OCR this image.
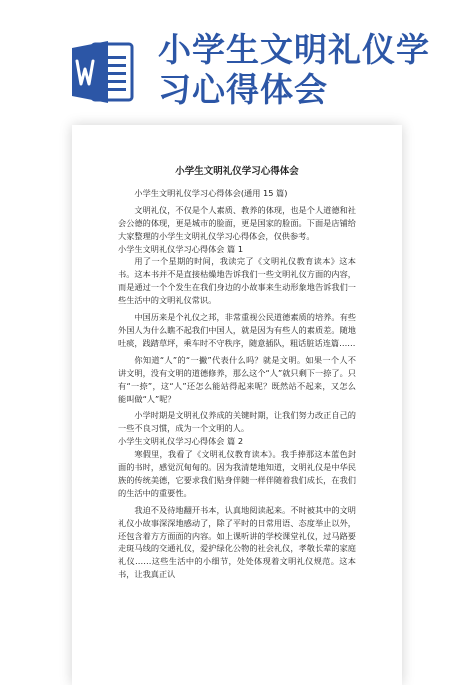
小学生文明礼仪学习心得体会
小学生文明礼仪学习心得体会

小学生文明礼仪学习心得体会(通用 15 篇)

文明礼仪，不仅是个人素质、教养的体现，也是个人道德和社会公德的体现，更是城市的脸面，更是国家的脸面。下面是店铺给大家整理的小学生文明礼仪学习心得体会，仅供参考。

小学生文明礼仪学习心得体会 篇 1

用了一个星期的时间，我读完了《文明礼仪教育读本》这本书。这本书并不是直接枯燥地告诉我们一些文明礼仪方面的内容，而是通过一个个发生在我们身边的小故事来生动形象地告诉我们一些生活中的文明礼仪常识。

中国历来是个礼仪之邦，非常重视公民道德素质的培养。有些外国人为什么瞧不起我们中国人，就是因为有些人的素质差。随地吐痰，践踏草坪，乘车时不守秩序，随意插队，粗话脏话连篇……

你知道“人”的“一撇”代表什么吗？就是文明。如果一个人不讲文明，没有文明的道德修养，那么这个“人”就只剩下一捺了。只有“一捺”，这“人”还怎么能站得起来呢？既然站不起来，又怎么能叫做“人”呢？

小学时期是文明礼仪养成的关键时期，让我们努力改正自己的一些不良习惯，成为一个文明的人。

小学生文明礼仪学习心得体会 篇 2

寒假里，我看了《文明礼仪教育读本》。我手捧那这本蓝色封面的书时，感觉沉甸甸的。因为我清楚地知道，文明礼仪是中华民族的传统美德，它要求我们贴身伴随一样伴随着我们成长，在我们的生活中的重要性。

我迫不及待地翻开书本，认真地阅读起来。不时被其中的文明礼仪小故事深深地感动了，除了平时的日常用语、态度举止以外，还包含着方方面面的内容。如上课听讲的学校课堂礼仪，过马路要走斑马线的交通礼仪，爱护绿化公物的社会礼仪，孝敬长辈的家庭礼仪……这些生活中的小细节，处处体现着文明礼仪规范。这本书，让我真正认
